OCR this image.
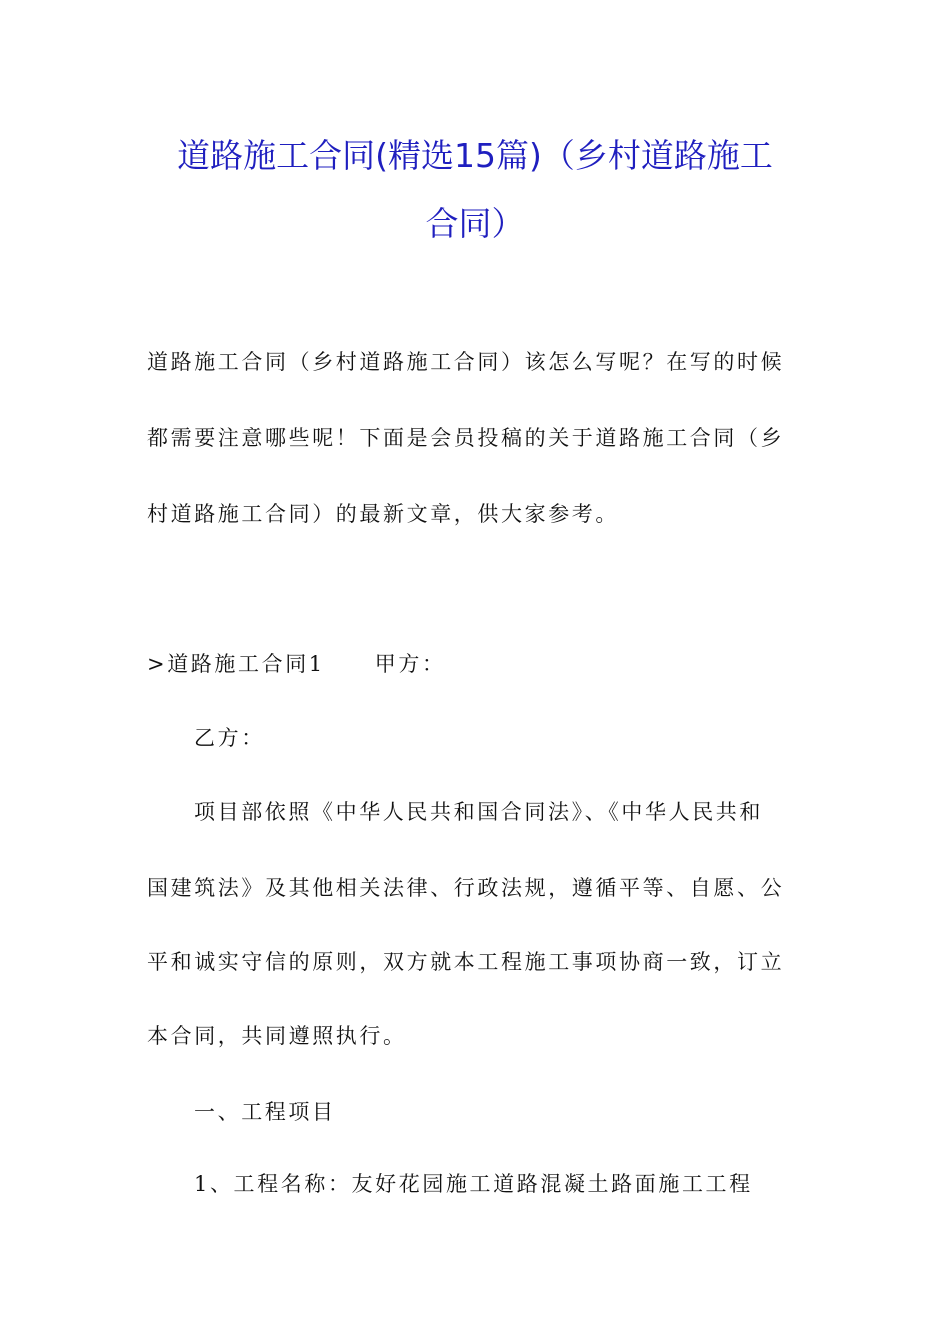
道路施工合同(精选15篇)（乡村道路施工
合同）
道路施工合同（乡村道路施工合同）该怎么写呢？在写的时候
都需要注意哪些呢！下面是会员投稿的关于道路施工合同（乡
村道路施工合同）的最新文章，供大家参考。
>道路施工合同1 甲方：
乙方：
项目部依照《中华人民共和国合同法》、《中华人民共和
国建筑法》及其他相关法律、行政法规，遵循平等、自愿、公
平和诚实守信的原则，双方就本工程施工事项协商一致，订立
本合同，共同遵照执行。
一、工程项目
1、工程名称：友好花园施工道路混凝土路面施工工程
